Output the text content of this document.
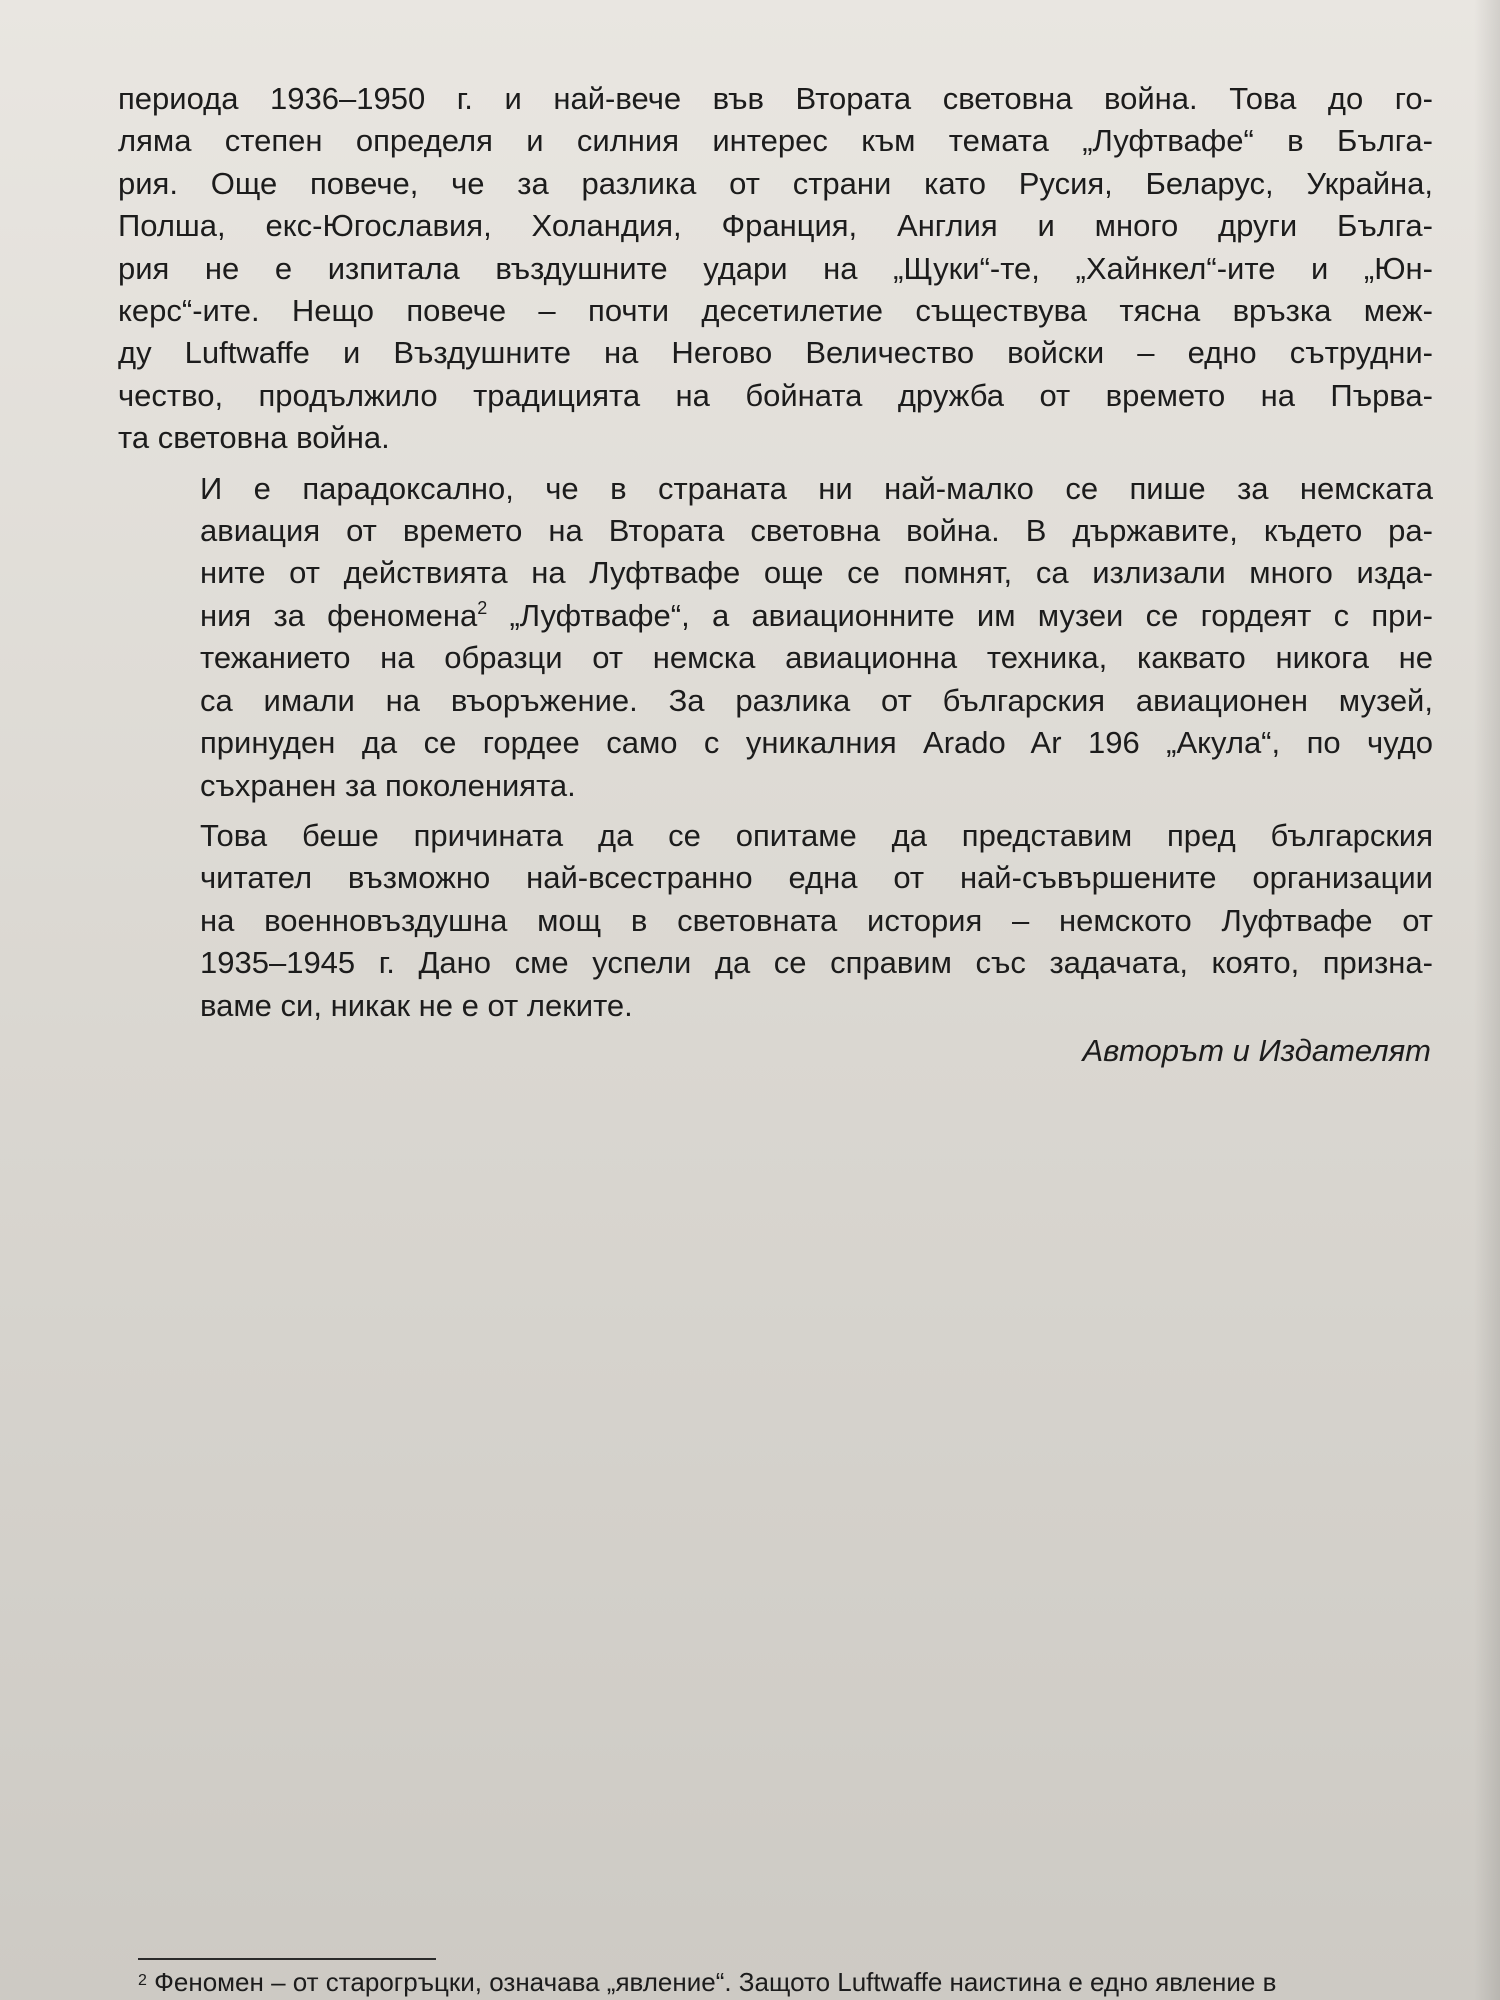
периода 1936–1950 г. и най-вече във Втората световна война. Това до го-
ляма степен определя и силния интерес към темата „Луфтвафе“ в Бълга-
рия. Още повече, че за разлика от страни като Русия, Беларус, Украйна,
Полша, екс-Югославия, Холандия, Франция, Англия и много други Бълга-
рия не е изпитала въздушните удари на „Щуки“-те, „Хайнкел“-ите и „Юн-
керс“-ите. Нещо повече – почти десетилетие съществува тясна връзка меж-
ду Luftwaffe и Въздушните на Негово Величество войски – едно сътрудни-
чество, продължило традицията на бойната дружба от времето на Първа-
та световна война.

И е парадоксално, че в страната ни най-малко се пише за немската
авиация от времето на Втората световна война. В държавите, където ра-
ните от действията на Луфтвафе още се помнят, са излизали много изда-
ния за феномена$^2$ „Луфтвафе“, а авиационните им музеи се гордеят с при-
тежанието на образци от немска авиационна техника, каквато никога не
са имали на въоръжение. За разлика от българския авиационен музей,
принуден да се гордее само с уникалния Arado Ar 196 „Акула“, по чудо
съхранен за поколенията.

Това беше причината да се опитаме да представим пред българския
читател възможно най-всестранно една от най-съвършените организации
на военновъздушна мощ в световната история – немското Луфтвафе от
1935–1945 г. Дано сме успели да се справим със задачата, която, призна-
ваме си, никак не е от леките.

Авторът и Издателят
$^2$ Феномен – от старогръцки, означава „явление“. Защото Luftwaffe наистина е едно явление в
